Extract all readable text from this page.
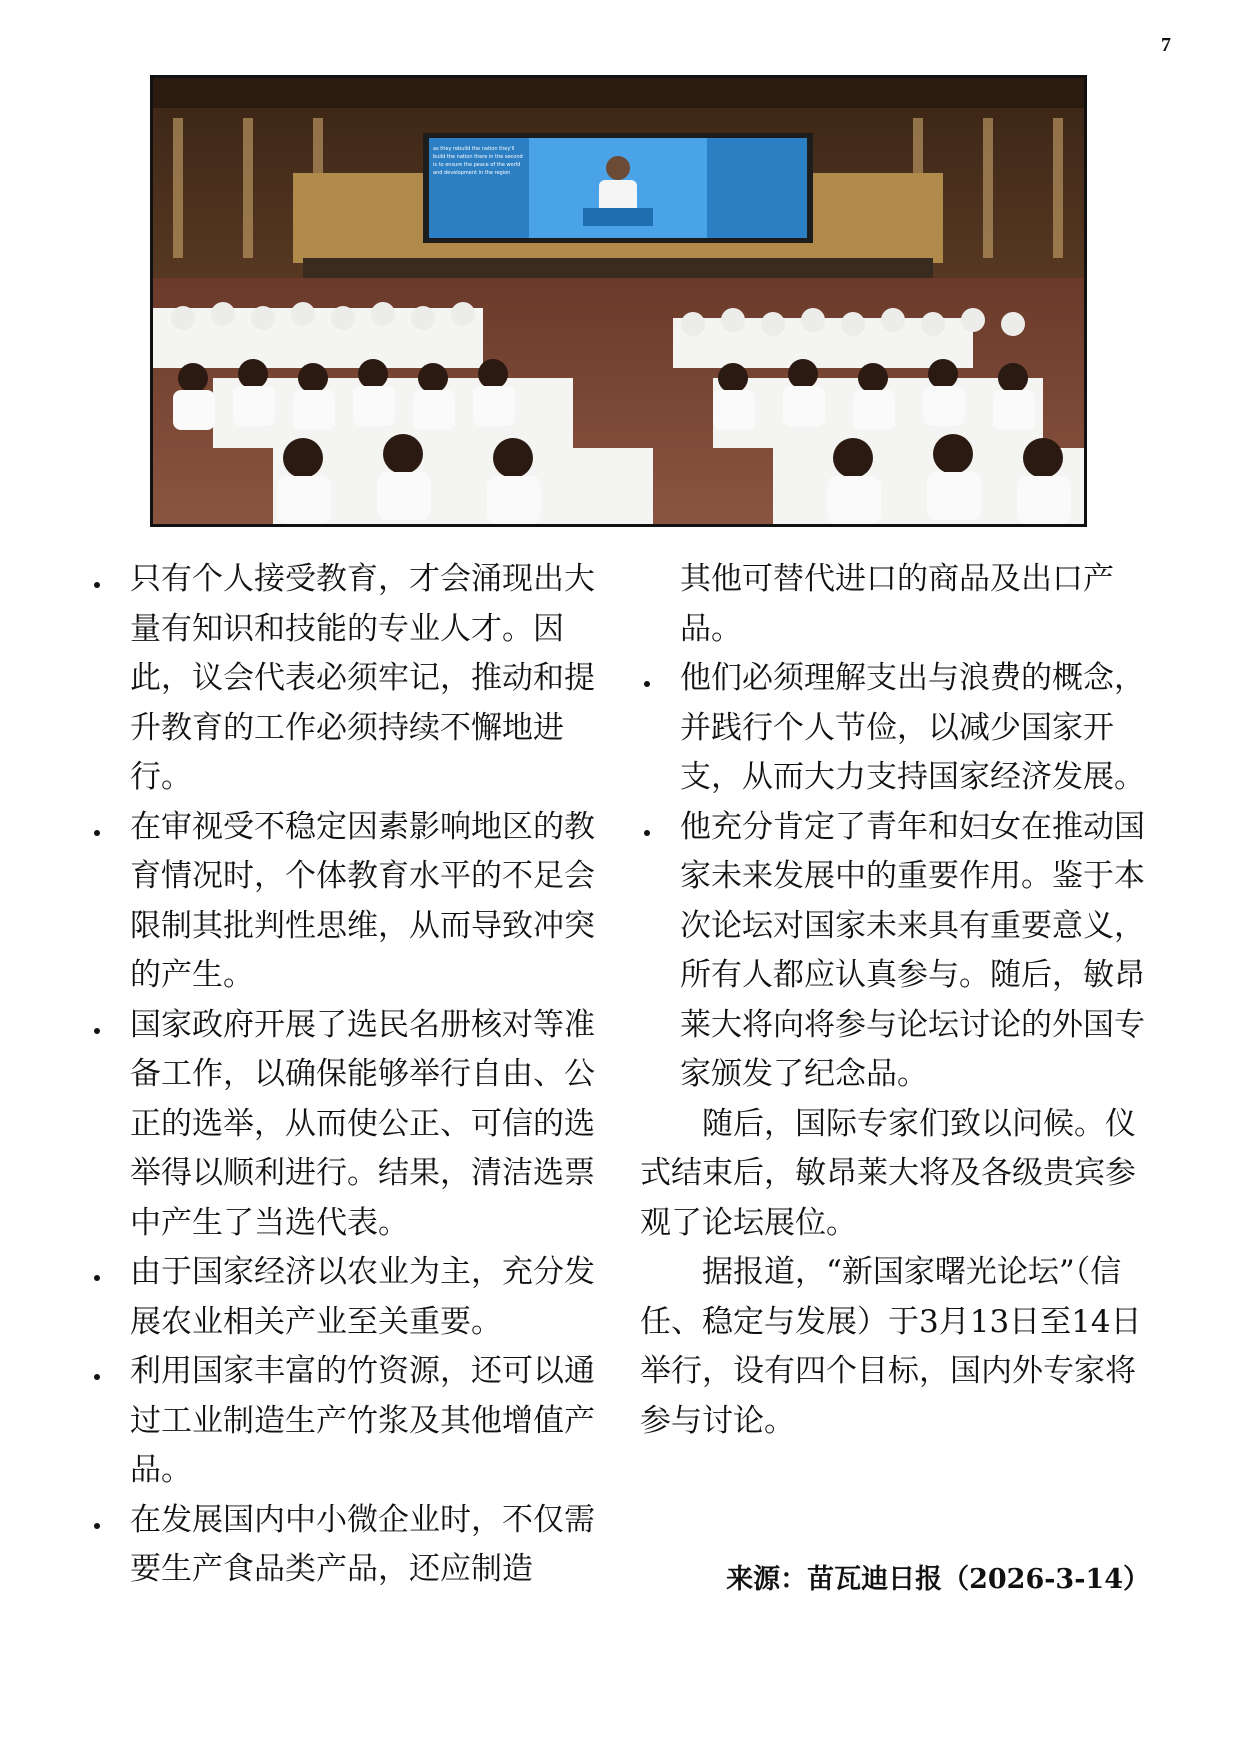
7
as they rebuild the nation they'll
build the nation there in the second
is to ensure the peace of the world
and development in the region
只有个人接受教育，才会涌现出大量有知识和技能的专业人才。因此，议会代表必须牢记，推动和提升教育的工作必须持续不懈地进行。
在审视受不稳定因素影响地区的教育情况时，个体教育水平的不足会限制其批判性思维，从而导致冲突的产生。
国家政府开展了选民名册核对等准备工作，以确保能够举行自由、公正的选举，从而使公正、可信的选举得以顺利进行。结果，清洁选票中产生了当选代表。
由于国家经济以农业为主，充分发展农业相关产业至关重要。
利用国家丰富的竹资源，还可以通过工业制造生产竹浆及其他增值产品。
在发展国内中小微企业时，不仅需要生产食品类产品，还应制造
其他可替代进口的商品及出口产品。
他们必须理解支出与浪费的概念，并践行个人节俭，以减少国家开支，从而大力支持国家经济发展。
他充分肯定了青年和妇女在推动国家未来发展中的重要作用。鉴于本次论坛对国家未来具有重要意义，所有人都应认真参与。随后，敏昂莱大将向将参与论坛讨论的外国专家颁发了纪念品。
随后，国际专家们致以问候。仪式结束后，敏昂莱大将及各级贵宾参观了论坛展位。
据报道，“新国家曙光论坛”（信任、稳定与发展）于3月13日至14日举行，设有四个目标，国内外专家将参与讨论。
来源：苗瓦迪日报（2026-3-14）
